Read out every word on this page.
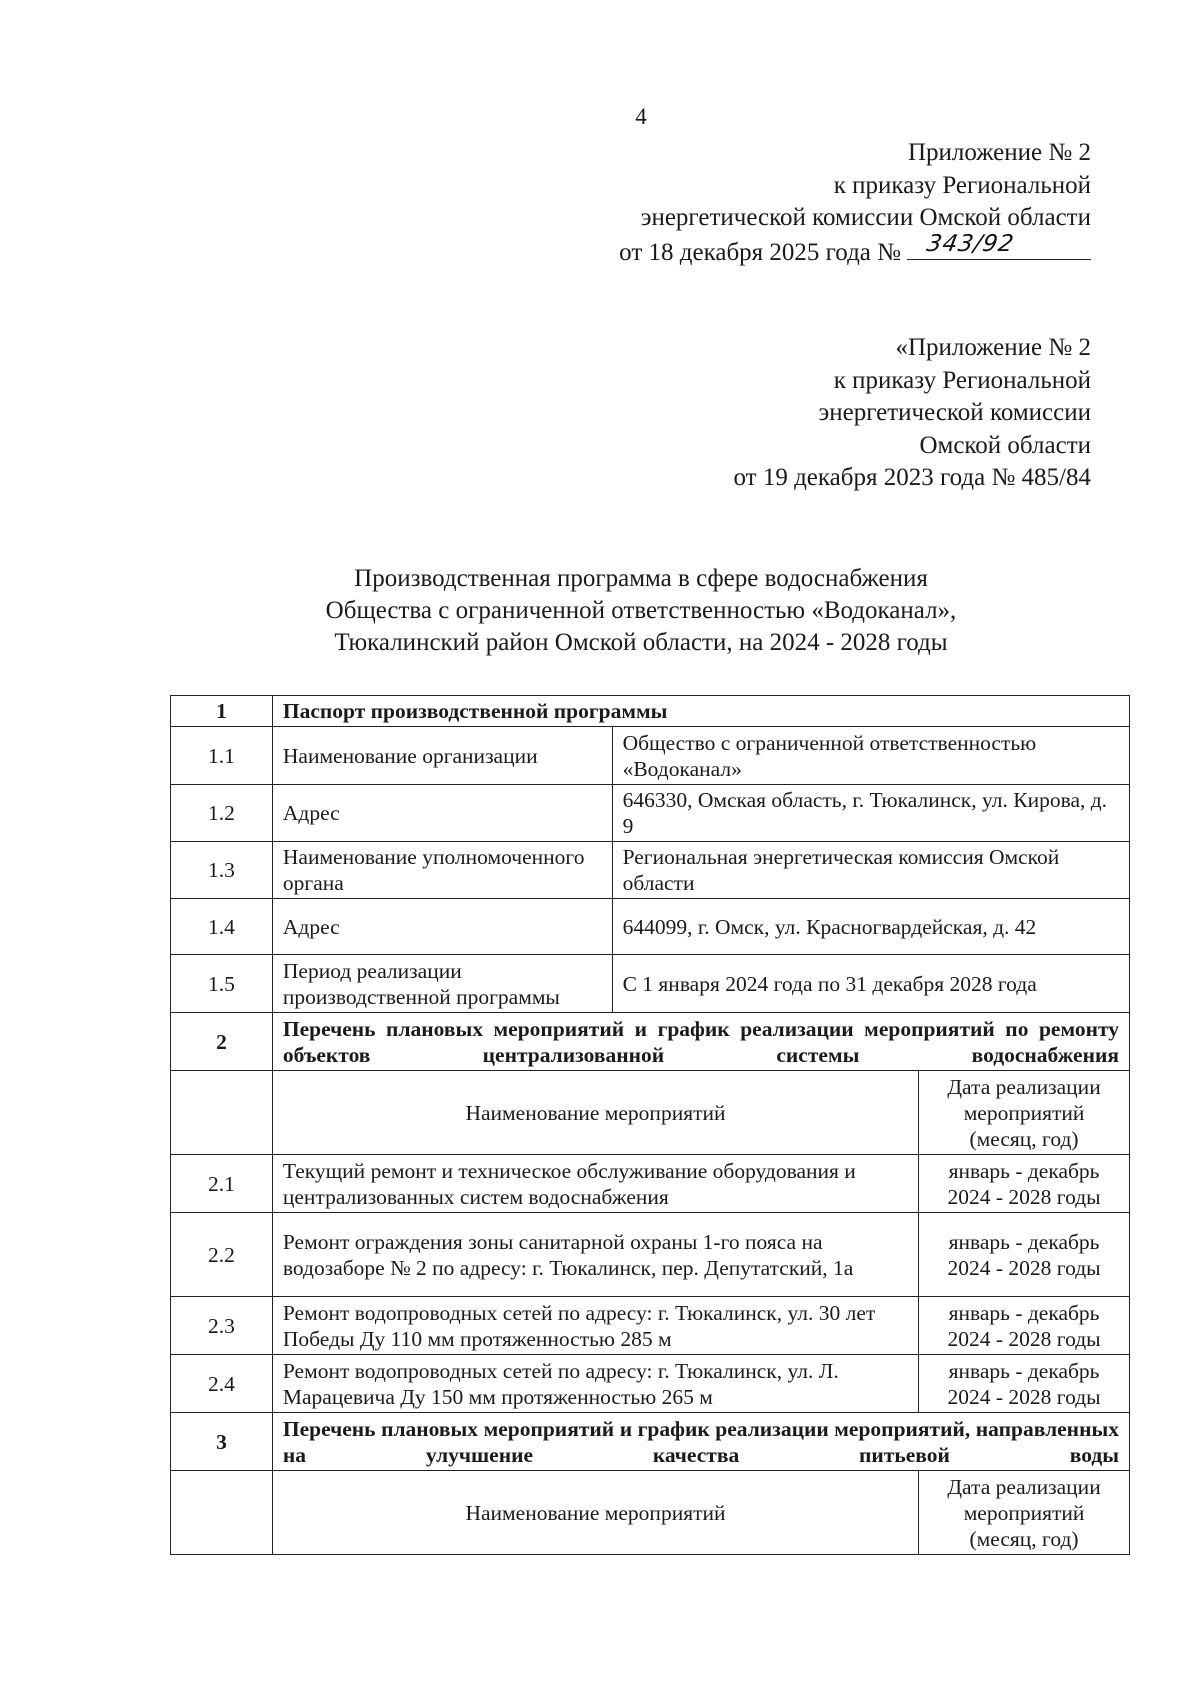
4
Приложение № 2
к приказу Региональной
энергетической комиссии Омской области
от 18 декабря 2025 года № 343/92
«Приложение № 2
к приказу Региональной
энергетической комиссии
Омской области
от 19 декабря 2023 года № 485/84
Производственная программа в сфере водоснабжения
Общества с ограниченной ответственностью «Водоканал»,
Тюкалинский район Омской области, на 2024 - 2028 годы
1	Паспорт производственной программы		
1.1	Наименование организации	Общество с ограниченной ответственностью «Водоканал»	
1.2	Адрес	646330, Омская область, г. Тюкалинск, ул. Кирова, д. 9	
1.3	Наименование уполномоченного органа	Региональная энергетическая комиссия Омской области	
1.4	Адрес	644099, г. Омск, ул. Красногвардейская, д. 42	
1.5	Период реализации производственной программы	С 1 января 2024 года по 31 декабря 2028 года	
2	Перечень плановых мероприятий и график реализации мероприятий по ремонту объектов централизованной системы водоснабжения		
	Наименование мероприятий		Дата реализации мероприятий (месяц, год)
2.1	Текущий ремонт и техническое обслуживание оборудования и централизованных систем водоснабжения		январь - декабрь 2024 - 2028 годы
2.2	Ремонт ограждения зоны санитарной охраны 1-го пояса на водозаборе № 2 по адресу: г. Тюкалинск, пер. Депутатский, 1а		январь - декабрь 2024 - 2028 годы
2.3	Ремонт водопроводных сетей по адресу: г. Тюкалинск, ул. 30 лет Победы Ду 110 мм протяженностью 285 м		январь - декабрь 2024 - 2028 годы
2.4	Ремонт водопроводных сетей по адресу: г. Тюкалинск, ул. Л. Марацевича Ду 150 мм протяженностью 265 м		январь - декабрь 2024 - 2028 годы
3	Перечень плановых мероприятий и график реализации мероприятий, направленных на улучшение качества питьевой воды		
	Наименование мероприятий		Дата реализации мероприятий (месяц, год)
